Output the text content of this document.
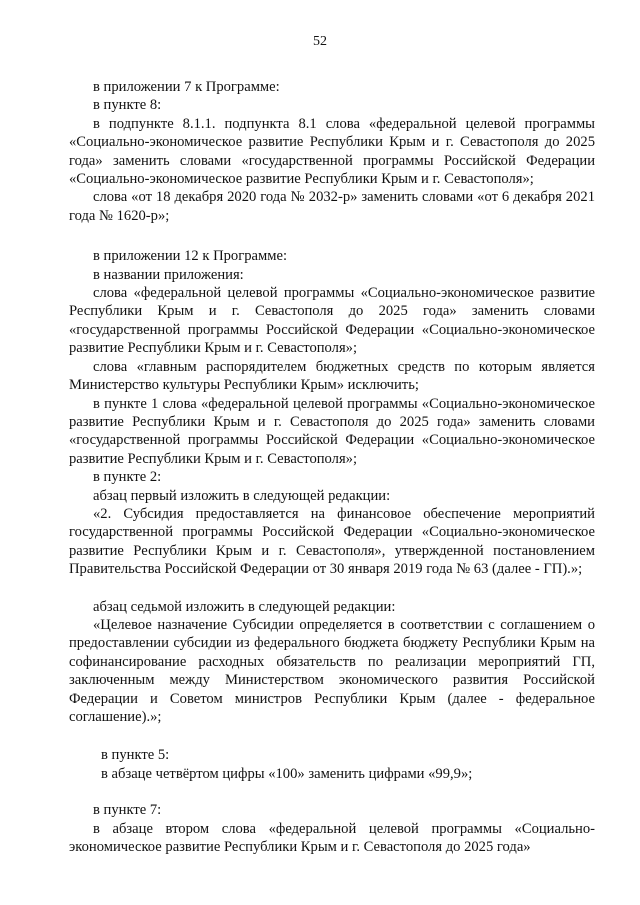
52

в приложении 7 к Программе:

в пункте 8:

в подпункте 8.1.1. подпункта 8.1 слова «федеральной целевой программы «Социально-экономическое развитие Республики Крым и г. Севастополя до 2025 года» заменить словами «государственной программы Российской Федерации «Социально-экономическое развитие Республики Крым и г. Севастополя»;

слова «от 18 декабря 2020 года № 2032-р» заменить словами «от 6 декабря 2021 года № 1620-р»;

в приложении 12 к Программе:

в названии приложения:

слова «федеральной целевой программы «Социально-экономическое развитие Республики Крым и г. Севастополя до 2025 года» заменить словами «государственной программы Российской Федерации «Социально-экономическое развитие Республики Крым и г. Севастополя»;

слова «главным распорядителем бюджетных средств по которым является Министерство культуры Республики Крым» исключить;

в пункте 1 слова «федеральной целевой программы «Социально-экономическое развитие Республики Крым и г. Севастополя до 2025 года» заменить словами «государственной программы Российской Федерации «Социально-экономическое развитие Республики Крым и г. Севастополя»;

в пункте 2:

абзац первый изложить в следующей редакции:

«2. Субсидия предоставляется на финансовое обеспечение мероприятий государственной программы Российской Федерации «Социально-экономическое развитие Республики Крым и г. Севастополя», утвержденной постановлением Правительства Российской Федерации от 30 января 2019 года № 63 (далее - ГП).»;

абзац седьмой изложить в следующей редакции:

«Целевое назначение Субсидии определяется в соответствии с соглашением о предоставлении субсидии из федерального бюджета бюджету Республики Крым на софинансирование расходных обязательств по реализации мероприятий ГП, заключенным между Министерством экономического развития Российской Федерации и Советом министров Республики Крым (далее - федеральное соглашение).»;

в пункте 5:

в абзаце четвёртом цифры «100» заменить цифрами «99,9»;

в пункте 7:

в абзаце втором слова «федеральной целевой программы «Социально-экономическое развитие Республики Крым и г. Севастополя до 2025 года»
